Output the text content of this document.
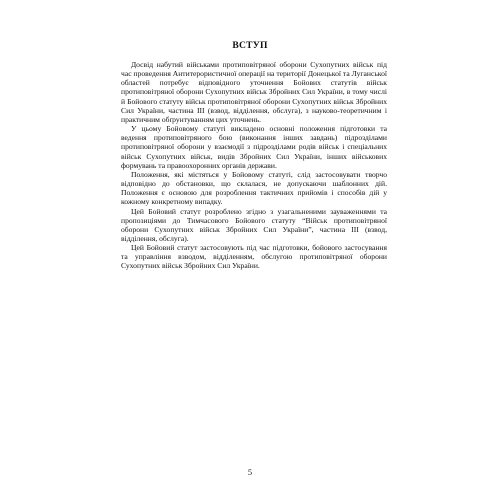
ВСТУП

Досвід набутий військами протиповітряної оборони Сухопутних військ під час проведення Антитерористичної операції на території Донецької та Луганської областей потребує відповідного уточнення Бойових статутів військ протиповітряної оборони Сухопутних військ Збройних Сил України, в тому числі й Бойового статуту військ протиповітряної оборони Сухопутних військ Збройних Сил України, частина III (взвод, відділення, обслуга), з науково-теоретичним і практичним обґрунтуванням цих уточнень.

У цьому Бойовому статуті викладено основні положення підготовки та ведення протиповітряного бою (виконання інших завдань) підрозділами протиповітряної оборони у взаємодії з підрозділами родів військ і спеціальних військ Сухопутних військ, видів Збройних Сил України, інших військових формувань та правоохоронних органів держави.

Положення, які містяться у Бойовому статуті, слід застосовувати творчо відповідно до обстановки, що склалася, не допускаючи шаблонних дій. Положення є основою для розроблення тактичних прийомів і способів дій у кожному конкретному випадку.

Цей Бойовий статут розроблено згідно з узагальненими зауваженнями та пропозиціями до Тимчасового Бойового статуту “Військ протиповітряної оборони Сухопутних військ Збройних Сил України”, частина III (взвод, відділення, обслуга).

Цей Бойовий статут застосовують під час підготовки, бойового застосування та управління взводом, відділенням, обслугою протиповітряної оборони Сухопутних військ Збройних Сил України.

5
